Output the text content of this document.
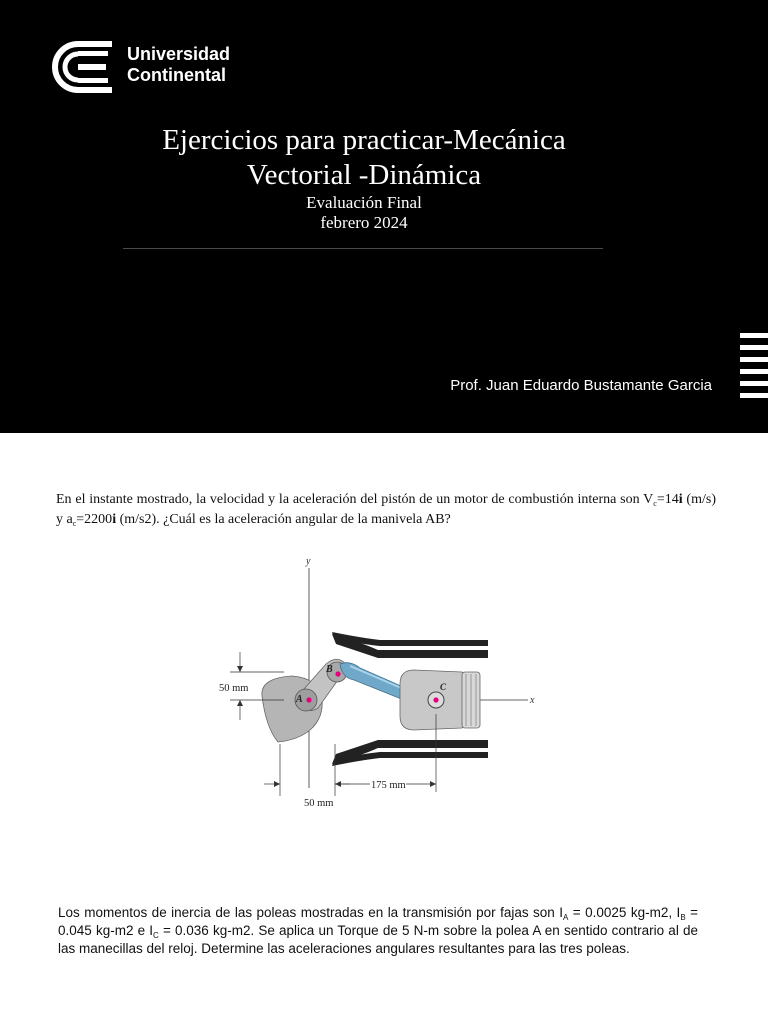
Universidad
Continental
Ejercicios para practicar-Mecánica
Vectorial -Dinámica
Evaluación Final
febrero 2024
Prof. Juan Eduardo Bustamante Garcia
En el instante mostrado, la velocidad y la aceleración del pistón de un motor de combustión interna son $V_c=14i$ (m/s) y $a_c=2200i$ (m/s2). ¿Cuál es la aceleración angular de la manivela AB?
y
x
A
B
C
50 mm
175 mm
50 mm
Los momentos de inercia de las poleas mostradas en la transmisión por fajas son $I_A = 0.0025$ kg-m2, $I_B = 0.045$ kg-m2 e $I_C = 0.036$ kg-m2. Se aplica un Torque de 5 N-m sobre la polea A en sentido contrario al de las manecillas del reloj. Determine las aceleraciones angulares resultantes para las tres poleas.
